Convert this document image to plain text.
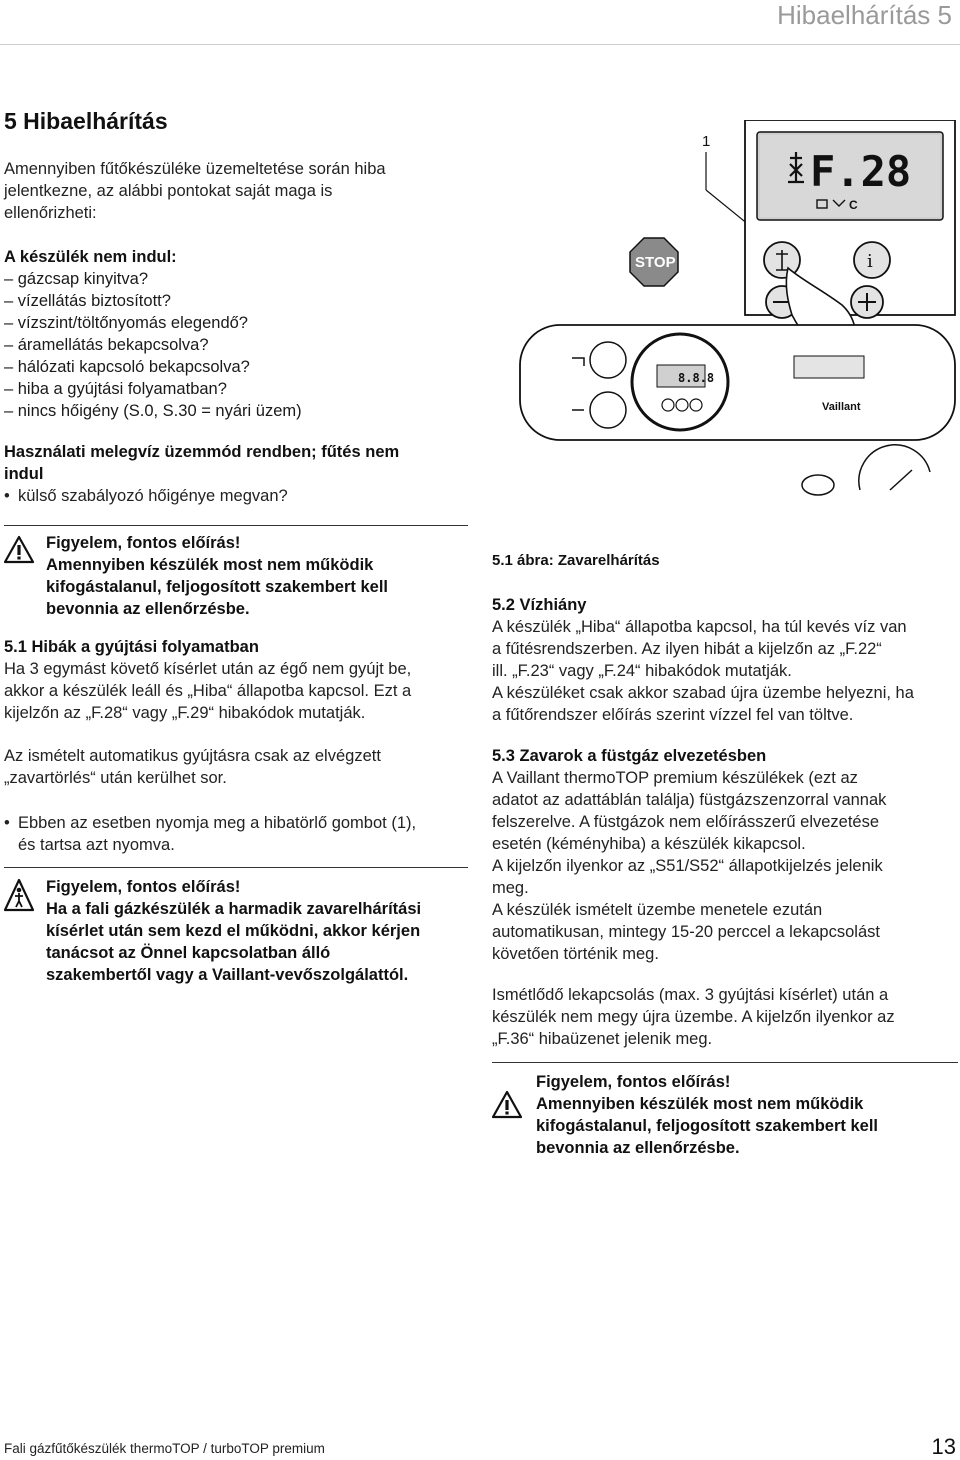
Hibaelhárítás 5
5 Hibaelhárítás
Amennyiben fűtőkészüléke üzemeltetése során hiba jelentkezne, az alábbi pontokat saját maga is ellenőrizheti:
A készülék nem indul:
– gázcsap kinyitva?
– vízellátás biztosított?
– vízszint/töltőnyomás elegendő?
– áramellátás bekapcsolva?
– hálózati kapcsoló bekapcsolva?
– hiba a gyújtási folyamatban?
– nincs hőigény (S.0, S.30 = nyári üzem)
Használati melegvíz üzemmód rendben; fűtés nem
indul
• külső szabályozó hőigénye megvan?
Figyelem, fontos előírás!
Amennyiben készülék most nem működik
kifogástalanul, feljogosított szakembert kell
bevonnia az ellenőrzésbe.
5.1 Hibák a gyújtási folyamatban
Ha 3 egymást követő kísérlet után az égő nem gyújt be,
akkor a készülék leáll és „Hiba“ állapotba kapcsol. Ezt a
kijelzőn az „F.28“ vagy „F.29“ hibakódok mutatják.
Az ismételt automatikus gyújtásra csak az elvégzett
„zavartörlés“ után kerülhet sor.
• Ebben az esetben nyomja meg a hibatörlő gombot (1),
és tartsa azt nyomva.
Figyelem, fontos előírás!
Ha a fali gázkészülék a harmadik zavarelhárítási
kísérlet után sem kezd el működni, akkor kérjen
tanácsot az Önnel kapcsolatban álló
szakembertől vagy a Vaillant-vevőszolgálattól.
1
F.28
C
i
STOP
8.8.8
Vaillant
5.1 ábra: Zavarelhárítás
5.2 Vízhiány
A készülék „Hiba“ állapotba kapcsol, ha túl kevés víz van
a fűtésrendszerben. Az ilyen hibát a kijelzőn az „F.22“
ill. „F.23“ vagy „F.24“ hibakódok mutatják.
A készüléket csak akkor szabad újra üzembe helyezni, ha
a fűtőrendszer előírás szerint vízzel fel van töltve.
5.3 Zavarok a füstgáz elvezetésben
A Vaillant thermoTOP premium készülékek (ezt az
adatot az adattáblán találja) füstgázszenzorral vannak
felszerelve. A füstgázok nem előírásszerű elvezetése
esetén (kéményhiba) a készülék kikapcsol.
A kijelzőn ilyenkor az „S51/S52“ állapotkijelzés jelenik
meg.
A készülék ismételt üzembe menetele ezután
automatikusan, mintegy 15-20 perccel a lekapcsolást
követően történik meg.
Ismétlődő lekapcsolás (max. 3 gyújtási kísérlet) után a
készülék nem megy újra üzembe. A kijelzőn ilyenkor az
„F.36“ hibaüzenet jelenik meg.
Figyelem, fontos előírás!
Amennyiben készülék most nem működik
kifogástalanul, feljogosított szakembert kell
bevonnia az ellenőrzésbe.
Fali gázfűtőkészülék thermoTOP / turboTOP premium	13
